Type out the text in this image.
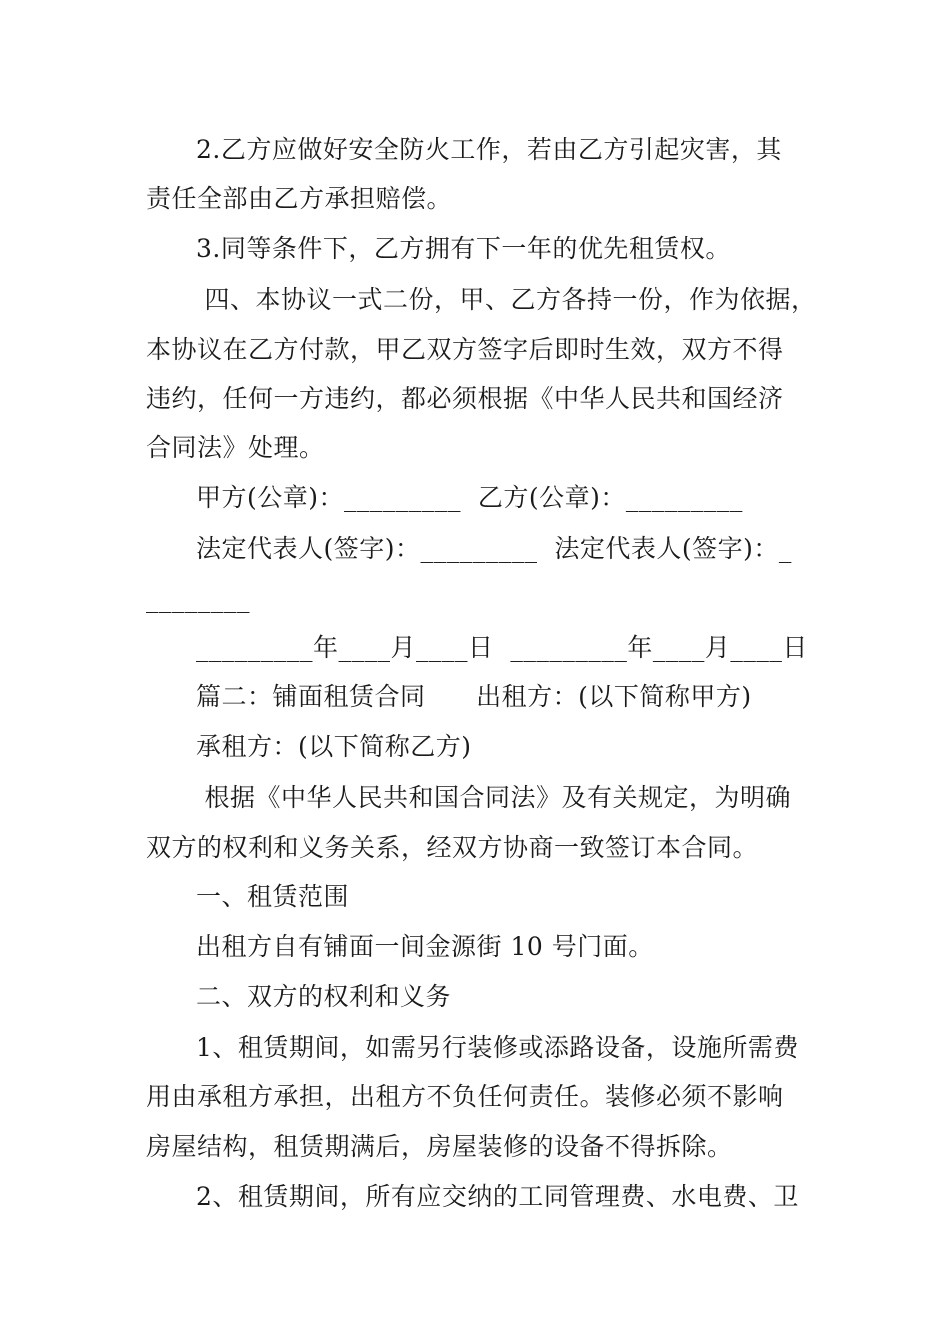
2.乙方应做好安全防火工作，若由乙方引起灾害，其
责任全部由乙方承担赔偿。
3.同等条件下，乙方拥有下一年的优先租赁权。
四、本协议一式二份，甲、乙方各持一份，作为依据，
本协议在乙方付款，甲乙双方签字后即时生效，双方不得
违约，任何一方违约，都必须根据《中华人民共和国经济
合同法》处理。
甲方(公章)：_________  乙方(公章)：_________
法定代表人(签字)：_________  法定代表人(签字)：_
________
_________年____月____日  _________年____月____日
篇二：铺面租赁合同      出租方：(以下简称甲方)
承租方：(以下简称乙方)
根据《中华人民共和国合同法》及有关规定，为明确
双方的权利和义务关系，经双方协商一致签订本合同。
一、租赁范围
出租方自有铺面一间金源街 10 号门面。
二、双方的权利和义务
1、租赁期间，如需另行装修或添路设备，设施所需费
用由承租方承担，出租方不负任何责任。装修必须不影响
房屋结构，租赁期满后，房屋装修的设备不得拆除。
2、租赁期间，所有应交纳的工同管理费、水电费、卫
